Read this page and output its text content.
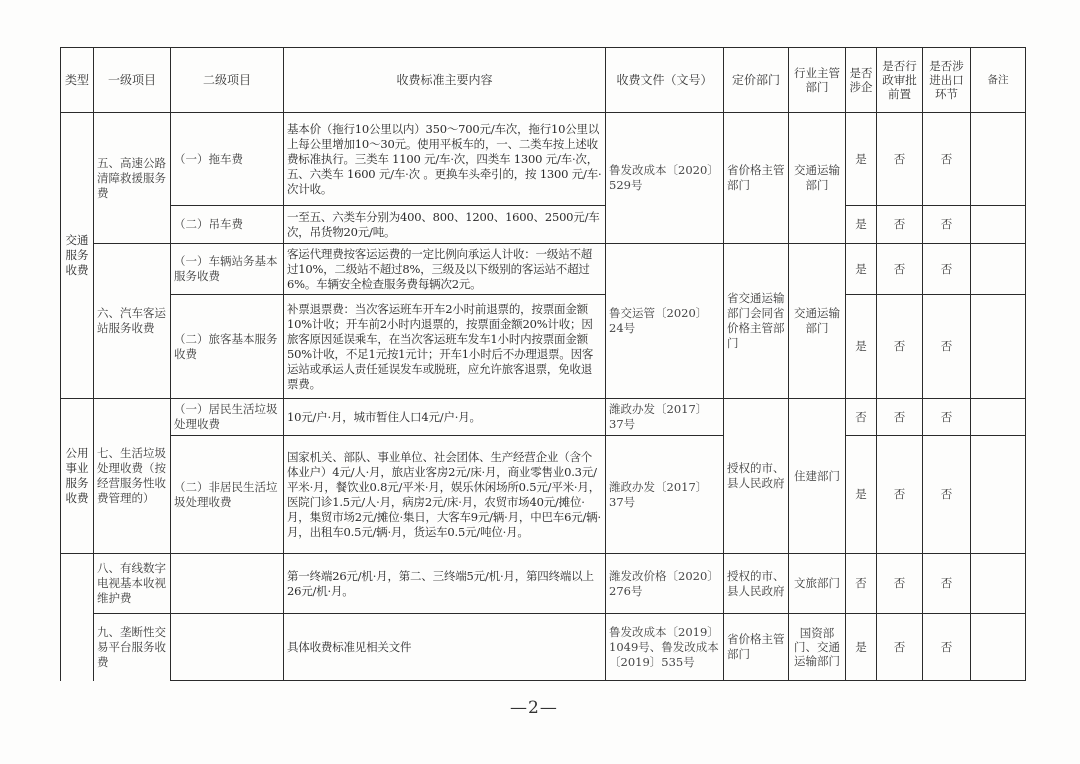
类型	一级项目	二级项目	收费标准主要内容	收费文件（文号）	定价部门	行业主管部门	是否涉企	是否行政审批前置	是否涉进出口环节	备注
交通服务收费	五、高速公路清障救援服务费	（一）拖车费	基本价（拖行10公里以内）350～700元/车次，拖行10公里以上每公里增加10～30元。使用平板车的，一、二类车按上述收费标准执行。三类车 1100 元/车·次，四类车 1300 元/车·次，五、六类车 1600 元/车·次 。更换车头牵引的，按 1300 元/车·次计收。	鲁发改成本〔2020〕529号	省价格主管部门	交通运输部门	是	否	否	
		（二）吊车费	一至五、六类车分别为400、800、1200、1600、2500元/车次，吊货物20元/吨。				是	否	否	
	六、汽车客运站服务收费	（一）车辆站务基本服务收费	客运代理费按客运运费的一定比例向承运人计收：一级站不超过10%，二级站不超过8%，三级及以下级别的客运站不超过6%。车辆安全检查服务费每辆次2元。	鲁交运管〔2020〕24号	省交通运输部门会同省价格主管部门	交通运输部门	是	否	否	
		（二）旅客基本服务收费	补票退票费：当次客运班车开车2小时前退票的，按票面金额10%计收；开车前2小时内退票的，按票面金额20%计收；因旅客原因延误乘车，在当次客运班车发车1小时内按票面金额50%计收，不足1元按1元计；开车1小时后不办理退票。因客运站或承运人责任延误发车或脱班，应允许旅客退票，免收退票费。				是	否	否	
公用事业服务收费	七、生活垃圾处理收费（按经营服务性收费管理的）	（一）居民生活垃圾处理收费	10元/户·月，城市暂住人口4元/户·月。	潍政办发〔2017〕37号	授权的市、县人民政府	住建部门	否	否	否	
		（二）非居民生活垃圾处理收费	国家机关、部队、事业单位、社会团体、生产经营企业（含个体业户）4元/人·月，旅店业客房2元/床·月，商业零售业0.3元/平米·月，餐饮业0.8元/平米·月，娱乐休闲场所0.5元/平米·月，医院门诊1.5元/人·月，病房2元/床·月，农贸市场40元/摊位·月，集贸市场2元/摊位·集日，大客车9元/辆·月，中巴车6元/辆·月，出租车0.5元/辆·月，货运车0.5元/吨位·月。	潍政办发〔2017〕37号			是	否	否	
	八、有线数字电视基本收视维护费		第一终端26元/机·月，第二、三终端5元/机·月，第四终端以上26元/机·月。	潍发改价格〔2020〕276号	授权的市、县人民政府	文旅部门	否	否	否	
	九、垄断性交易平台服务收费		具体收费标准见相关文件	鲁发改成本〔2019〕1049号、鲁发改成本〔2019〕535号	省价格主管部门	国资部门、交通运输部门	是	否	否	
—2—
